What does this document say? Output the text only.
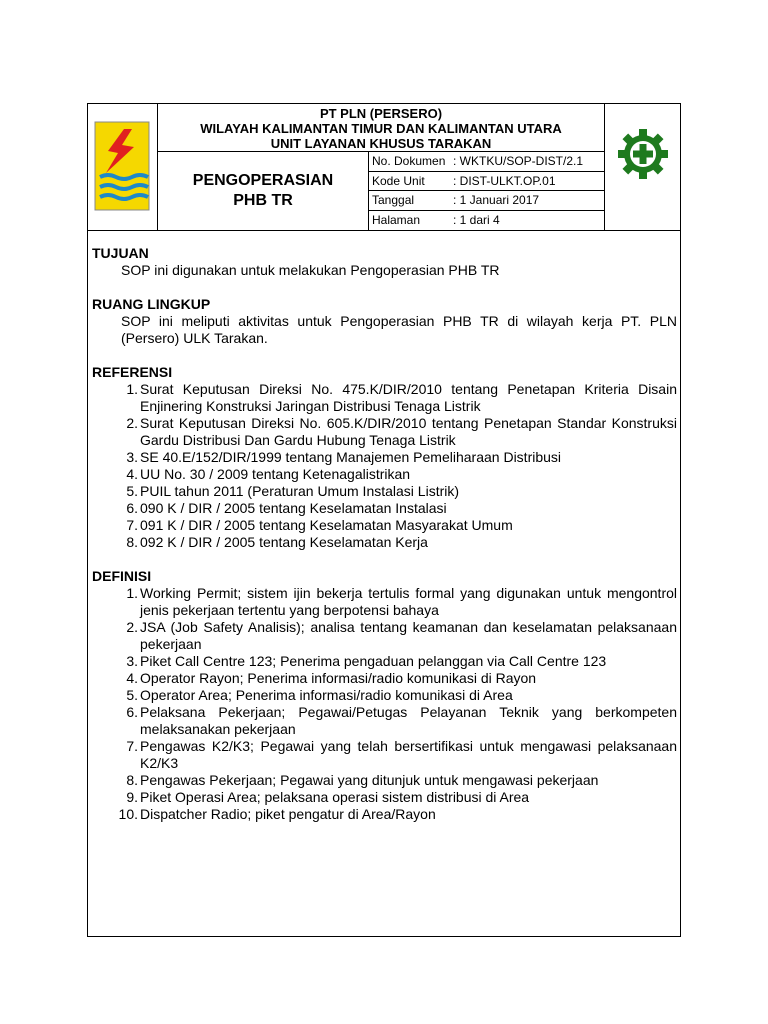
PT PLN (PERSERO)
WILAYAH KALIMANTAN TIMUR DAN KALIMANTAN UTARA
UNIT LAYANAN KHUSUS TARAKAN
PENGOPERASIAN
PHB TR
No. Dokumen : WKTKU/SOP-DIST/2.1
Kode Unit : DIST-ULKT.OP.01
Tanggal	: 1 Januari 2017
Halaman	: 1 dari 4
TUJUAN

SOP ini digunakan untuk melakukan Pengoperasian PHB TR

RUANG LINGKUP

SOP ini meliputi aktivitas untuk Pengoperasian PHB TR di wilayah kerja PT. PLN (Persero) ULK Tarakan.

REFERENSI
1. Surat Keputusan Direksi No. 475.K/DIR/2010 tentang Penetapan Kriteria Disain Enjinering Konstruksi Jaringan Distribusi Tenaga Listrik
2. Surat Keputusan Direksi No. 605.K/DIR/2010 tentang Penetapan Standar Konstruksi Gardu Distribusi Dan Gardu Hubung Tenaga Listrik
3. SE 40.E/152/DIR/1999 tentang Manajemen Pemeliharaan Distribusi
4. UU No. 30 / 2009 tentang Ketenagalistrikan
5. PUIL tahun 2011 (Peraturan Umum Instalasi Listrik)
6. 090 K / DIR / 2005 tentang Keselamatan Instalasi
7. 091 K / DIR / 2005 tentang Keselamatan Masyarakat Umum
8. 092 K / DIR / 2005 tentang Keselamatan Kerja
DEFINISI
1. Working Permit; sistem ijin bekerja tertulis formal yang digunakan untuk mengontrol jenis pekerjaan tertentu yang berpotensi bahaya
2. JSA (Job Safety Analisis); analisa tentang keamanan dan keselamatan pelaksanaan pekerjaan
3. Piket Call Centre 123; Penerima pengaduan pelanggan via Call Centre 123
4. Operator Rayon; Penerima informasi/radio komunikasi di Rayon
5. Operator Area; Penerima informasi/radio komunikasi di Area
6. Pelaksana Pekerjaan; Pegawai/Petugas Pelayanan Teknik yang berkompeten melaksanakan pekerjaan
7. Pengawas K2/K3; Pegawai yang telah bersertifikasi untuk mengawasi pelaksanaan K2/K3
8. Pengawas Pekerjaan; Pegawai yang ditunjuk untuk mengawasi pekerjaan
9. Piket Operasi Area; pelaksana operasi sistem distribusi di Area
10. Dispatcher Radio; piket pengatur di Area/Rayon
